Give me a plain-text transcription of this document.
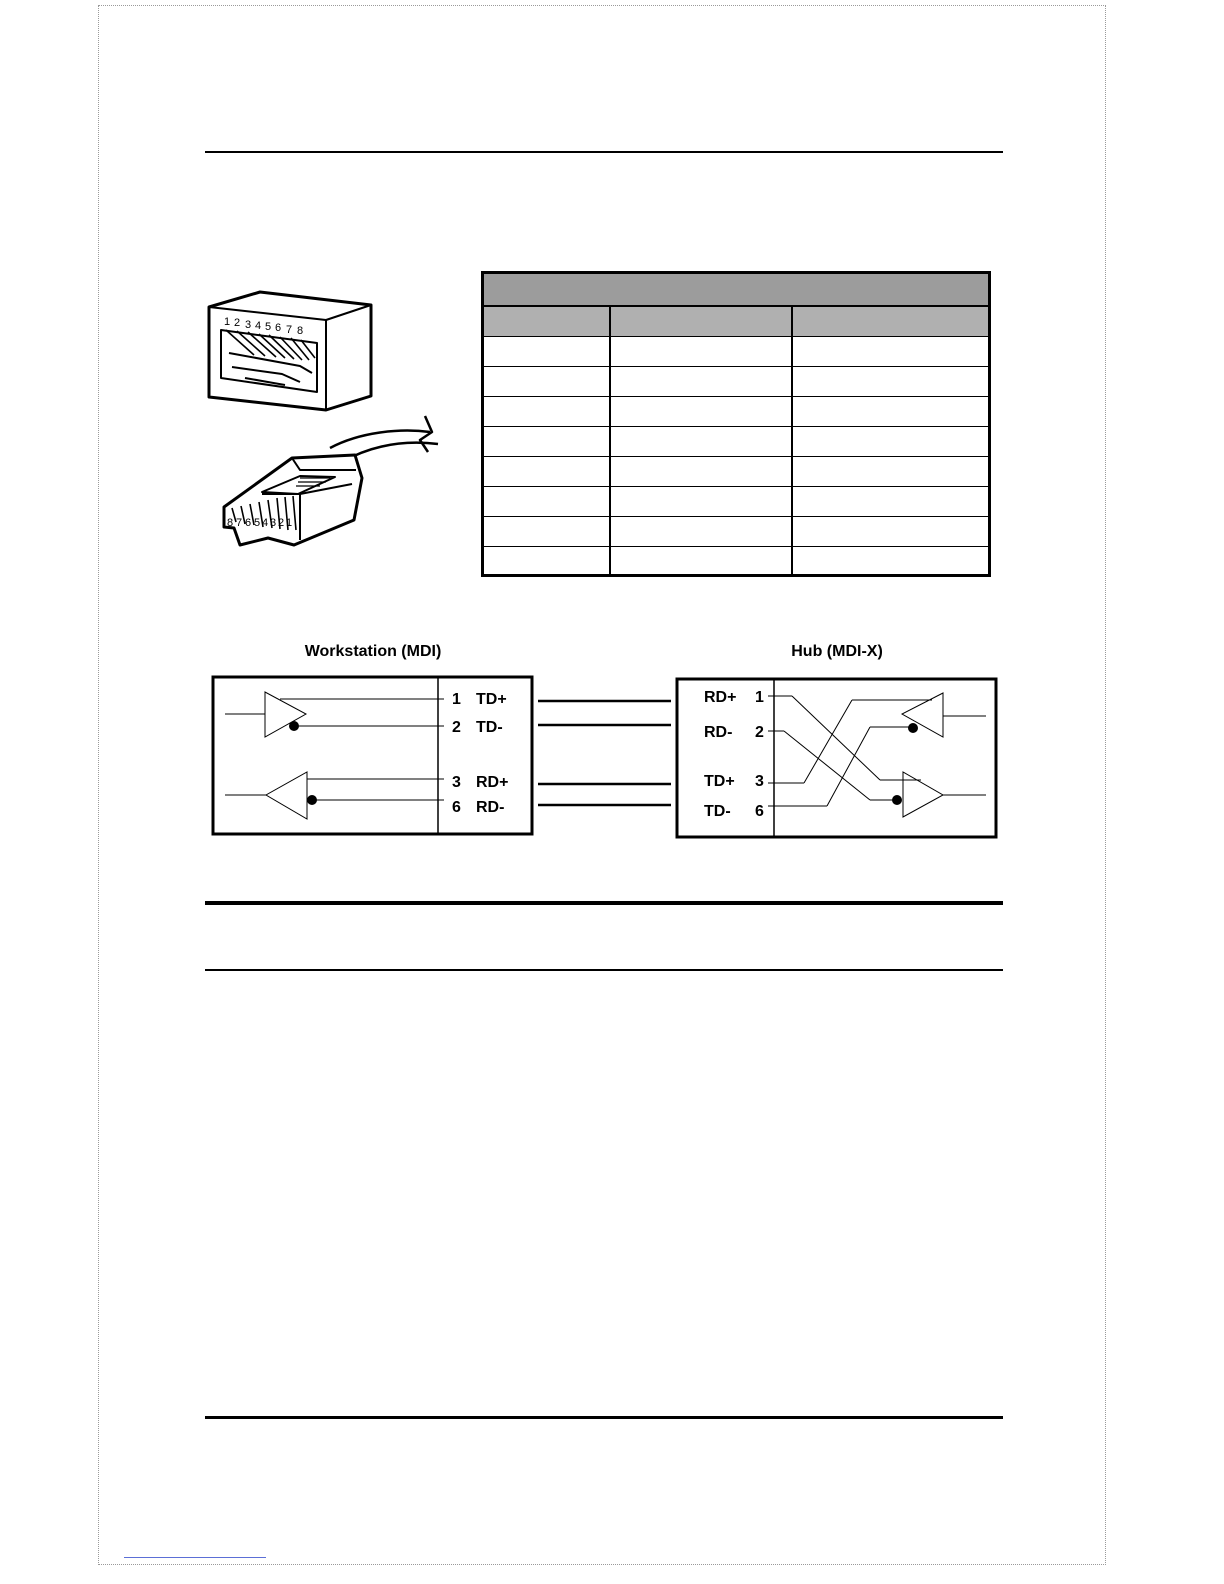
1 2 3 4 5 6 7 8
8 7 6 5 4 3 2 1
Workstation (MDI)	Hub (MDI-X)
1 TD+
2 TD-
3 RD+
6 RD-
RD+ 1
RD- 2
TD+ 3
TD- 6
